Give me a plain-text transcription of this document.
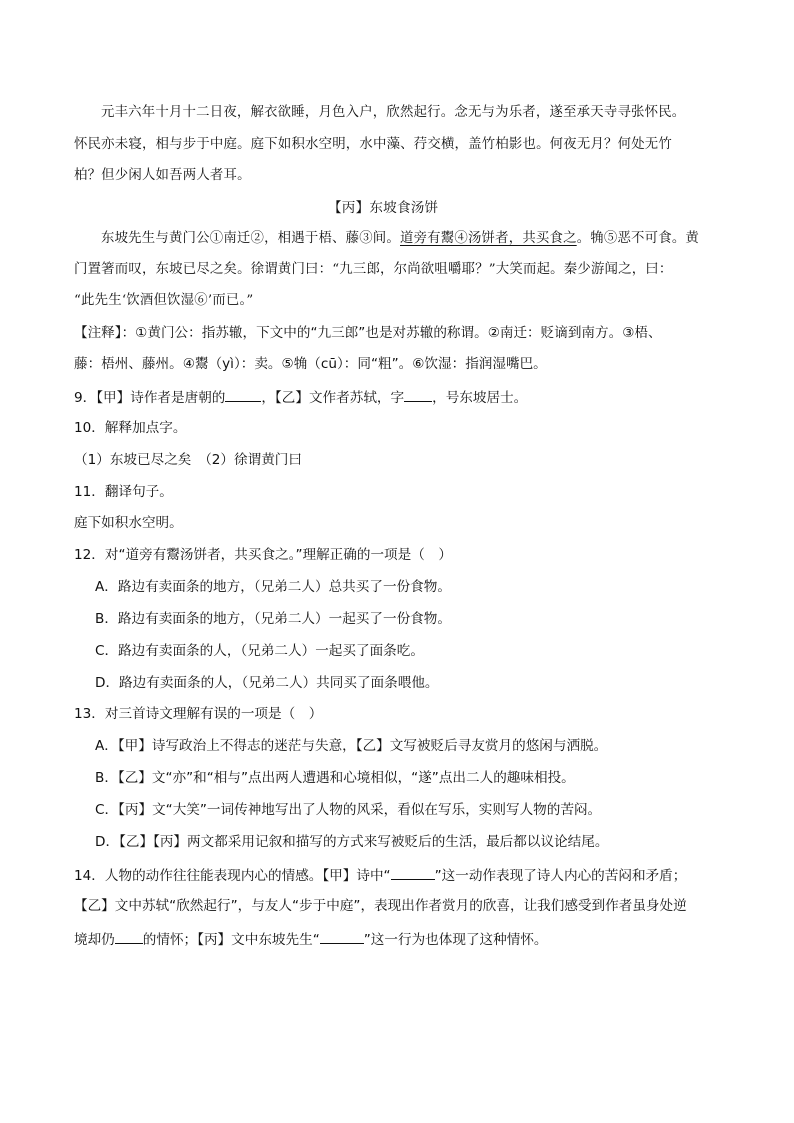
元丰六年十月十二日夜，解衣欲睡，月色入户，欣然起行。念无与为乐者，遂至承天寺寻张怀民。
怀民亦未寝，相与步于中庭。庭下如积水空明，水中藻、荇交横，盖竹柏影也。何夜无月？何处无竹
柏？但少闲人如吾两人者耳。
【丙】东坡食汤饼
东坡先生与黄门公①南迁②，相遇于梧、藤③间。道旁有鬻④汤饼者，共买食之。觕⑤恶不可食。黄
门置箸而叹，东坡已尽之矣。徐谓黄门曰：“九三郎，尔尚欲咀嚼耶？”大笑而起。秦少游闻之，曰：
“此先生‘饮酒但饮湿⑥’而已。”
【注释】：①黄门公：指苏辙，下文中的“九三郎”也是对苏辙的称谓。②南迁：贬谪到南方。③梧、
藤：梧州、藤州。④鬻（yì）：卖。⑤觕（cū）：同“粗”。⑥饮湿：指润湿嘴巴。
9．【甲】诗作者是唐朝的	，【乙】文作者苏轼，字 ，号东坡居士。
10．解释加点字。
（1）东坡已尽之矣　（2）徐谓黄门曰
11．翻译句子。
庭下如积水空明。
12．对“道旁有鬻汤饼者，共买食之。”理解正确的一项是（　）
A．路边有卖面条的地方，（兄弟二人）总共买了一份食物。
B．路边有卖面条的地方，（兄弟二人）一起买了一份食物。
C．路边有卖面条的人，（兄弟二人）一起买了面条吃。
D．路边有卖面条的人，（兄弟二人）共同买了面条喂他。
13．对三首诗文理解有误的一项是（　）
A．【甲】诗写政治上不得志的迷茫与失意，【乙】文写被贬后寻友赏月的悠闲与洒脱。
B．【乙】文“亦”和“相与”点出两人遭遇和心境相似，“遂”点出二人的趣味相投。
C．【丙】文“大笑”一词传神地写出了人物的风采，看似在写乐，实则写人物的苦闷。
D．【乙】【丙】两文都采用记叙和描写的方式来写被贬后的生活，最后都以议论结尾。
14．人物的动作往往能表现内心的情感。【甲】诗中“	”这一动作表现了诗人内心的苦闷和矛盾；
【乙】文中苏轼“欣然起行”，与友人“步于中庭”，表现出作者赏月的欣喜，让我们感受到作者虽身处逆
境却仍 的情怀；【丙】文中东坡先生“	”这一行为也体现了这种情怀。
